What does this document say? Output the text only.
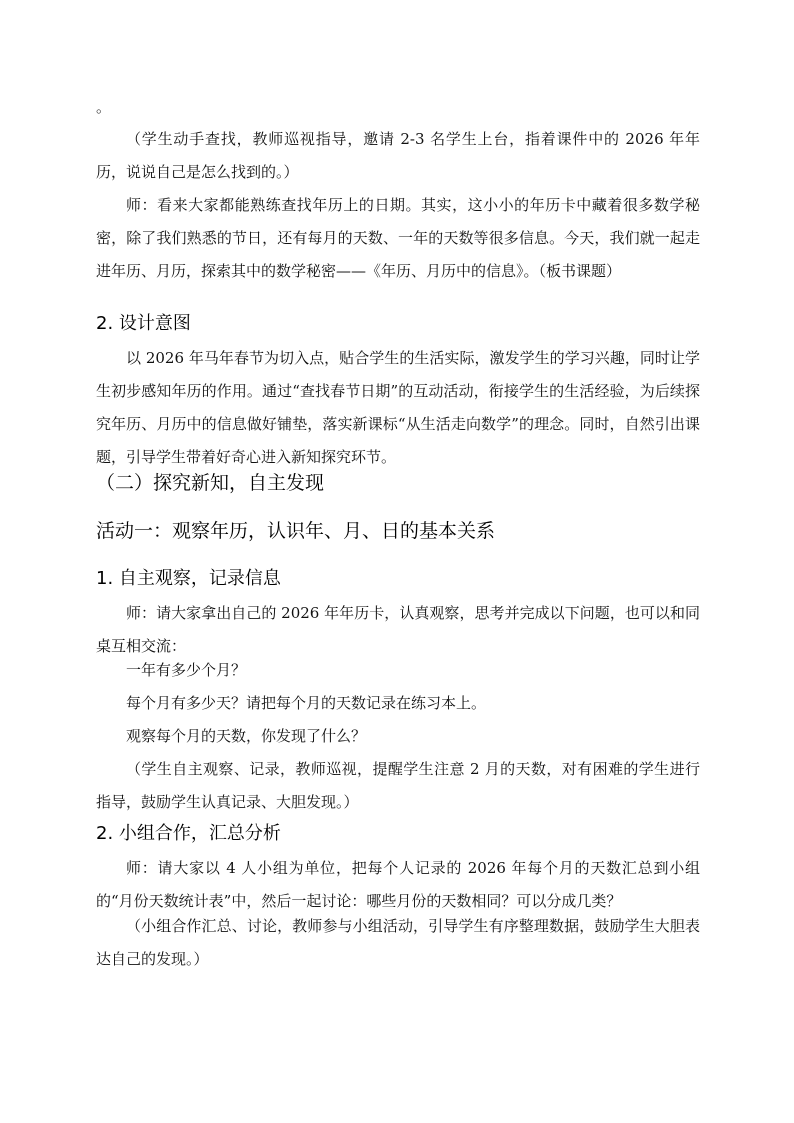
。

（学生动手查找，教师巡视指导，邀请 2-3 名学生上台，指着课件中的 2026 年年历，说说自己是怎么找到的。）

师：看来大家都能熟练查找年历上的日期。其实，这小小的年历卡中藏着很多数学秘密，除了我们熟悉的节日，还有每月的天数、一年的天数等很多信息。今天，我们就一起走进年历、月历，探索其中的数学秘密——《年历、月历中的信息》。（板书课题）

2. 设计意图

以 2026 年马年春节为切入点，贴合学生的生活实际，激发学生的学习兴趣，同时让学生初步感知年历的作用。通过“查找春节日期”的互动活动，衔接学生的生活经验，为后续探究年历、月历中的信息做好铺垫，落实新课标“从生活走向数学”的理念。同时，自然引出课题，引导学生带着好奇心进入新知探究环节。

（二）探究新知，自主发现
活动一：观察年历，认识年、月、日的基本关系
1. 自主观察，记录信息

师：请大家拿出自己的 2026 年年历卡，认真观察，思考并完成以下问题，也可以和同桌互相交流：

一年有多少个月？

每个月有多少天？请把每个月的天数记录在练习本上。

观察每个月的天数，你发现了什么？

（学生自主观察、记录，教师巡视，提醒学生注意 2 月的天数，对有困难的学生进行指导，鼓励学生认真记录、大胆发现。）

2. 小组合作，汇总分析

师：请大家以 4 人小组为单位，把每个人记录的 2026 年每个月的天数汇总到小组的“月份天数统计表”中，然后一起讨论：哪些月份的天数相同？可以分成几类？

（小组合作汇总、讨论，教师参与小组活动，引导学生有序整理数据，鼓励学生大胆表达自己的发现。）
